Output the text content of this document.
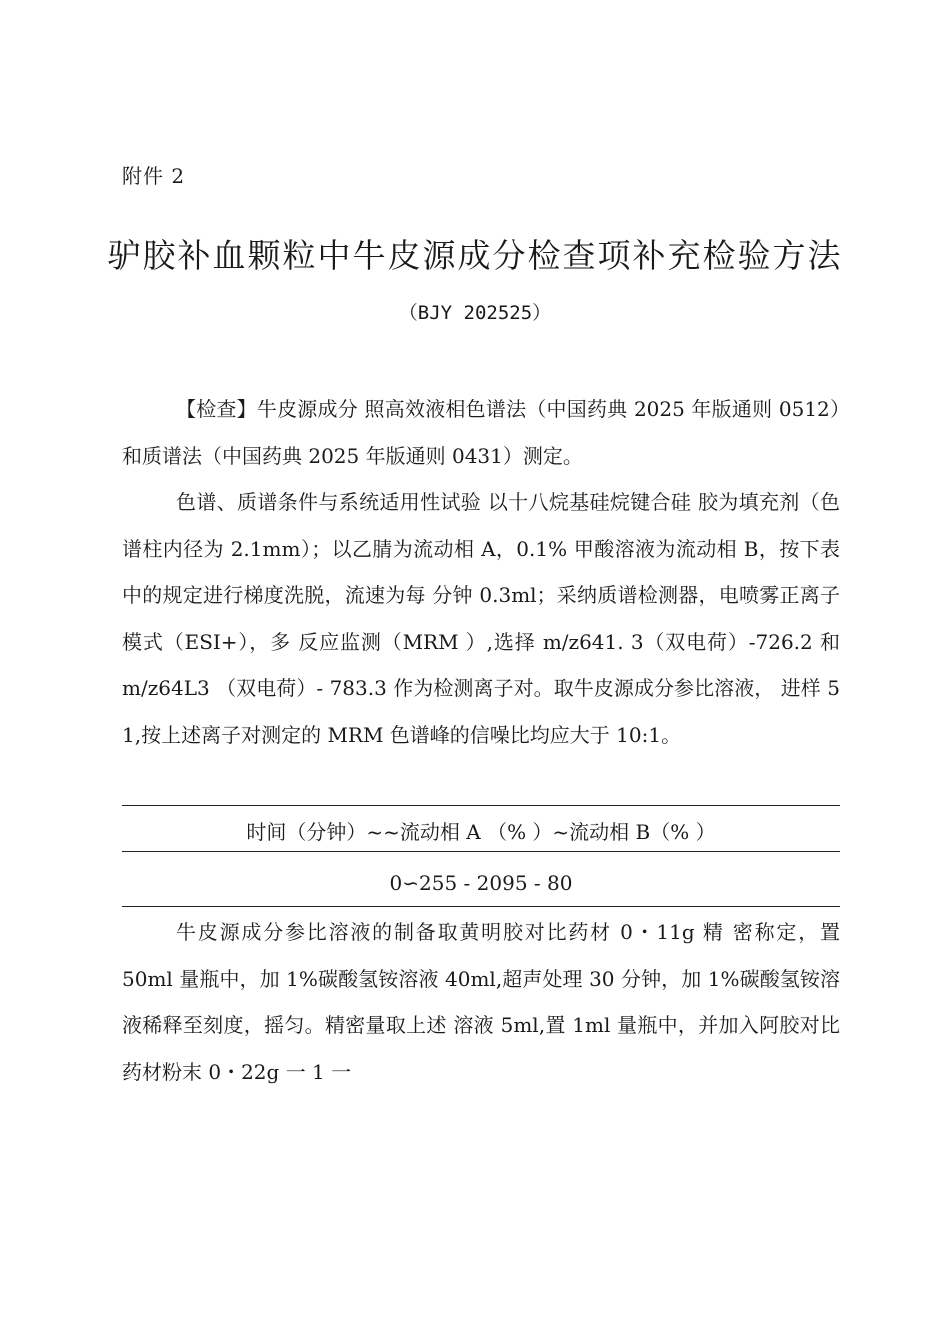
附件 2
驴胶补血颗粒中牛皮源成分检查项补充检验方法
（BJY 202525）

【检查】牛皮源成分 照高效液相色谱法（中国药典 2025 年版通则 0512）和质谱法（中国药典 2025 年版通则 0431）测定。

色谱、质谱条件与系统适用性试验 以十八烷基硅烷键合硅 胶为填充剂（色谱柱内径为 2.1mm）；以乙腈为流动相 A，0.1% 甲酸溶液为流动相 B，按下表中的规定进行梯度洗脱，流速为每 分钟 0.3ml；采纳质谱检测器，电喷雾正离子模式（ESI+），多 反应监测（MRM ）,选择 m/z641. 3（双电荷）-726.2 和 m/z64L3 （双电荷）- 783.3 作为检测离子对。取牛皮源成分参比溶液， 进样 5 1,按上述离子对测定的 MRM 色谱峰的信噪比均应大于 10:1。

时间（分钟）~~流动相 A （% ）~流动相 B（% ）
0∽255 - 2095 - 80

牛皮源成分参比溶液的制备取黄明胶对比药材 0・11g 精 密称定，置 50ml 量瓶中，加 1%碳酸氢铵溶液 40ml,超声处理 30 分钟，加 1%碳酸氢铵溶液稀释至刻度，摇匀。精密量取上述 溶液 5ml,置 1ml 量瓶中，并加入阿胶对比药材粉末 0・22g 一 1 一
